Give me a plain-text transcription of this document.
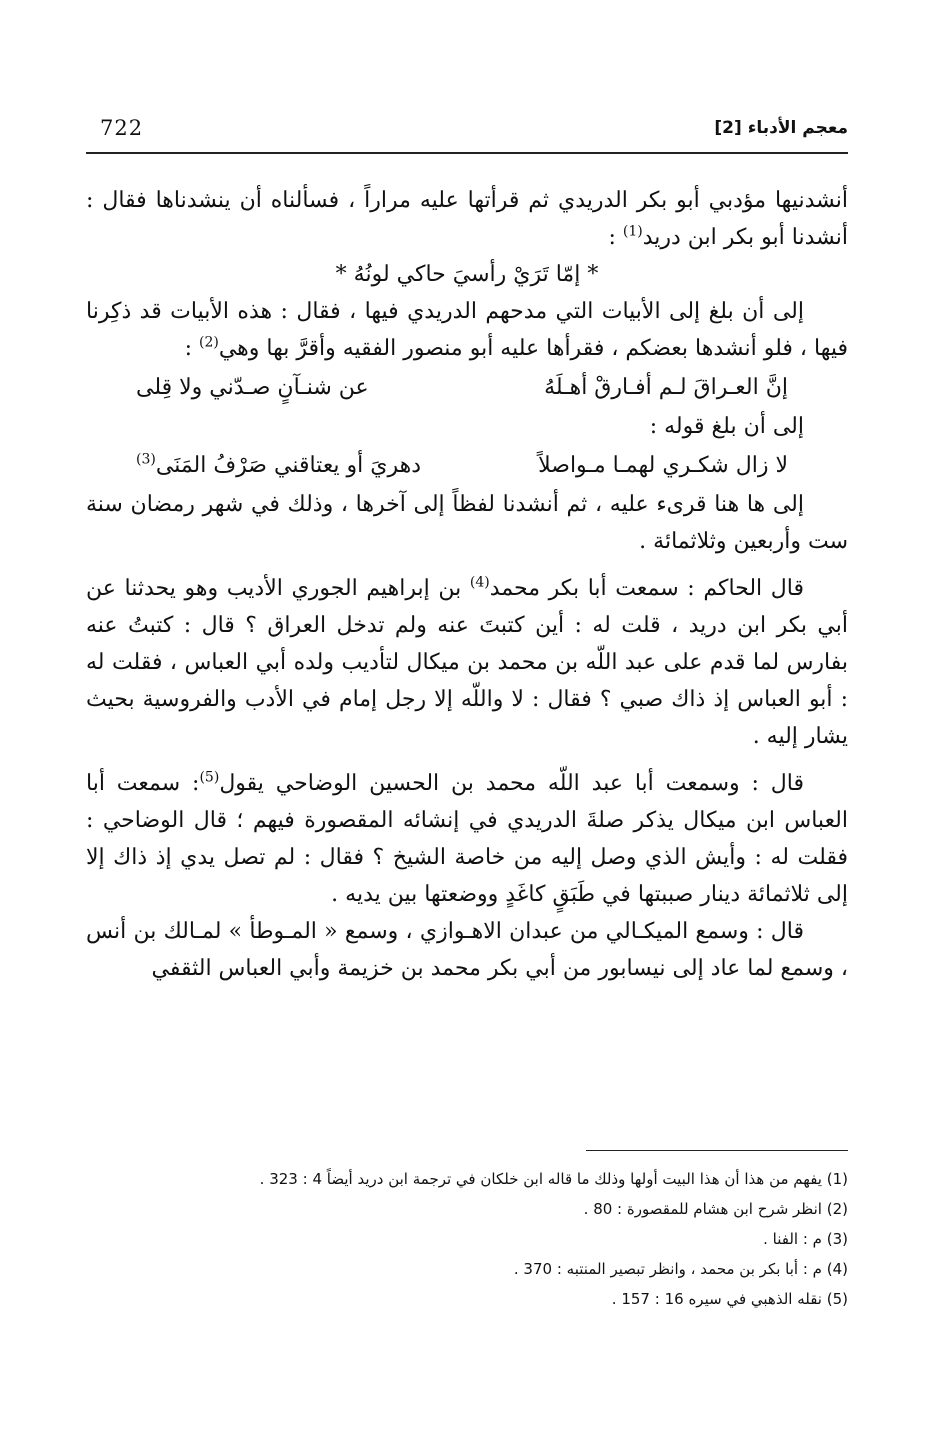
722	معجم الأدباء [2]

أنشدنيها مؤدبي أبو بكر الدريدي ثم قرأتها عليه مراراً ، فسألناه أن ينشدناها فقال : أنشدنا أبو بكر ابن دريد$^{(1)}$ :

* إمّا تَرَيْ رأسيَ حاكي لونُهُ *

إلى أن بلغ إلى الأبيات التي مدحهم الدريدي فيها ، فقال : هذه الأبيات قد ذكِرنا فيها ، فلو أنشدها بعضكم ، فقرأها عليه أبو منصور الفقيه وأقرَّ بها وهي$^{(2)}$ :

إنَّ العـراقَ لـم أفـارقْ أهـلَهُ
عن شنـآنٍ صـدّني ولا قِلى

إلى أن بلغ قوله :

لا زال شكـري لهمـا مـواصلاً
دهريَ أو يعتاقني صَرْفُ المَنَى$^{(3)}$

إلى ها هنا قرىء عليه ، ثم أنشدنا لفظاً إلى آخرها ، وذلك في شهر رمضان سنة ست وأربعين وثلاثمائة .

قال الحاكم : سمعت أبا بكر محمد$^{(4)}$ بن إبراهيم الجوري الأديب وهو يحدثنا عن أبي بكر ابن دريد ، قلت له : أين كتبتَ عنه ولم تدخل العراق ؟ قال : كتبتُ عنه بفارس لما قدم على عبد اللّه بن محمد بن ميكال لتأديب ولده أبي العباس ، فقلت له : أبو العباس إذ ذاك صبي ؟ فقال : لا واللّه إلا رجل إمام في الأدب والفروسية بحيث يشار إليه .

قال : وسمعت أبا عبد اللّه محمد بن الحسين الوضاحي يقول$^{(5)}$: سمعت أبا العباس ابن ميكال يذكر صلةَ الدريدي في إنشائه المقصورة فيهم ؛ قال الوضاحي : فقلت له : وأيش الذي وصل إليه من خاصة الشيخ ؟ فقال : لم تصل يدي إذ ذاك إلا إلى ثلاثمائة دينار صببتها في طَبَقٍ كاغَدٍ ووضعتها بين يديه .

قال : وسمع الميكـالي من عبدان الاهـوازي ، وسمع « المـوطأ » لمـالك بن أنس ، وسمع لما عاد إلى نيسابور من أبي بكر محمد بن خزيمة وأبي العباس الثقفي

(1) يفهم من هذا أن هذا البيت أولها وذلك ما قاله ابن خلكان في ترجمة ابن دريد أيضاً 4 : 323 .

(2) انظر شرح ابن هشام للمقصورة : 80 .

(3) م : الفنا .

(4) م : أبا بكر بن محمد ، وانظر تبصير المنتبه : 370 .

(5) نقله الذهبي في سيره 16 : 157 .
